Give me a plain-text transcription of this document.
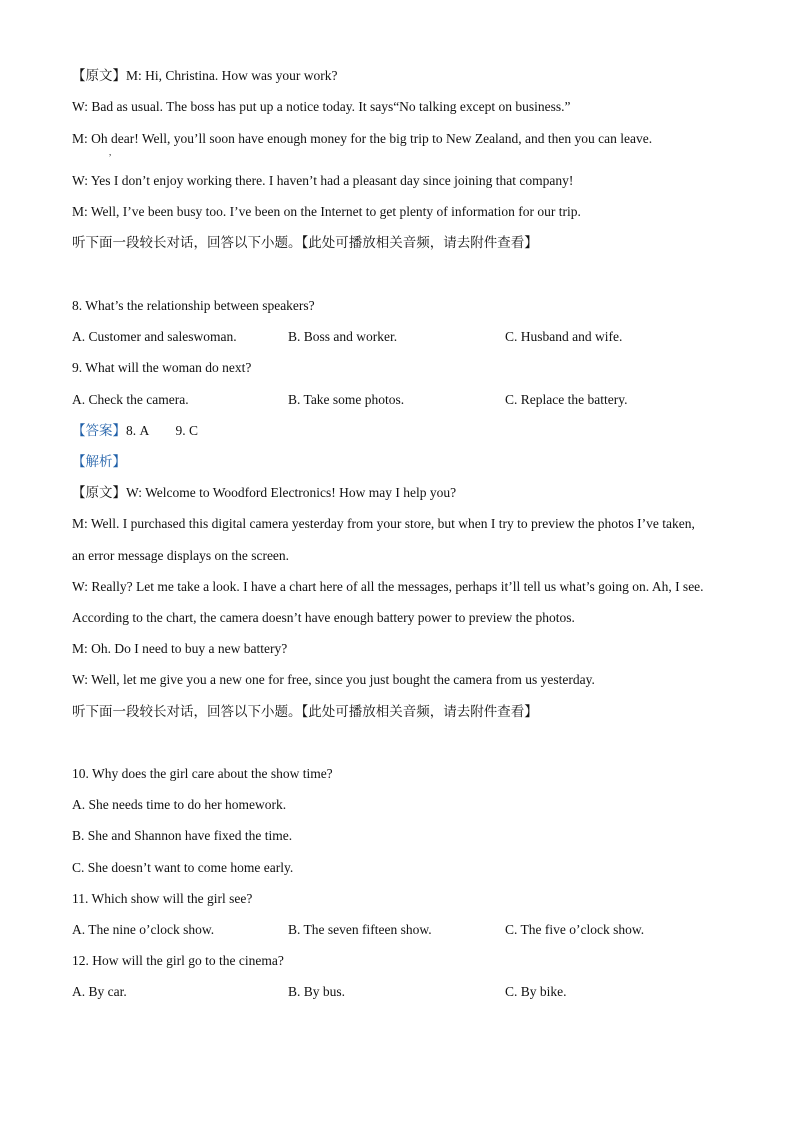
【原文】M: Hi, Christina. How was your work?
W: Bad as usual. The boss has put up a notice today. It says“No talking except on business.”
M: Oh dear! Well, you’ll soon have enough money for the big trip to New Zealand, and then you can leave.
,
W: Yes I don’t enjoy working there. I haven’t had a pleasant day since joining that company!
M: Well, I’ve been busy too. I’ve been on the Internet to get plenty of information for our trip.
听下面一段较长对话，回答以下小题。【此处可播放相关音频，请去附件查看】
8. What’s the relationship between speakers?
A. Customer and saleswoman.	B. Boss and worker.	C. Husband and wife.
9. What will the woman do next?
A. Check the camera.	B. Take some photos.	C. Replace the battery.
【答案】8. A        9. C
【解析】
【原文】W: Welcome to Woodford Electronics! How may I help you?
M: Well. I purchased this digital camera yesterday from your store, but when I try to preview the photos I’ve taken,
an error message displays on the screen.
W: Really? Let me take a look. I have a chart here of all the messages, perhaps it’ll tell us what’s going on. Ah, I see.
According to the chart, the camera doesn’t have enough battery power to preview the photos.
M: Oh. Do I need to buy a new battery?
W: Well, let me give you a new one for free, since you just bought the camera from us yesterday.
听下面一段较长对话，回答以下小题。【此处可播放相关音频，请去附件查看】
10. Why does the girl care about the show time?
A. She needs time to do her homework.
B. She and Shannon have fixed the time.
C. She doesn’t want to come home early.
11. Which show will the girl see?
A. The nine o’clock show.	B. The seven fifteen show.	C. The five o’clock show.
12. How will the girl go to the cinema?
A. By car.	B. By bus.	C. By bike.
